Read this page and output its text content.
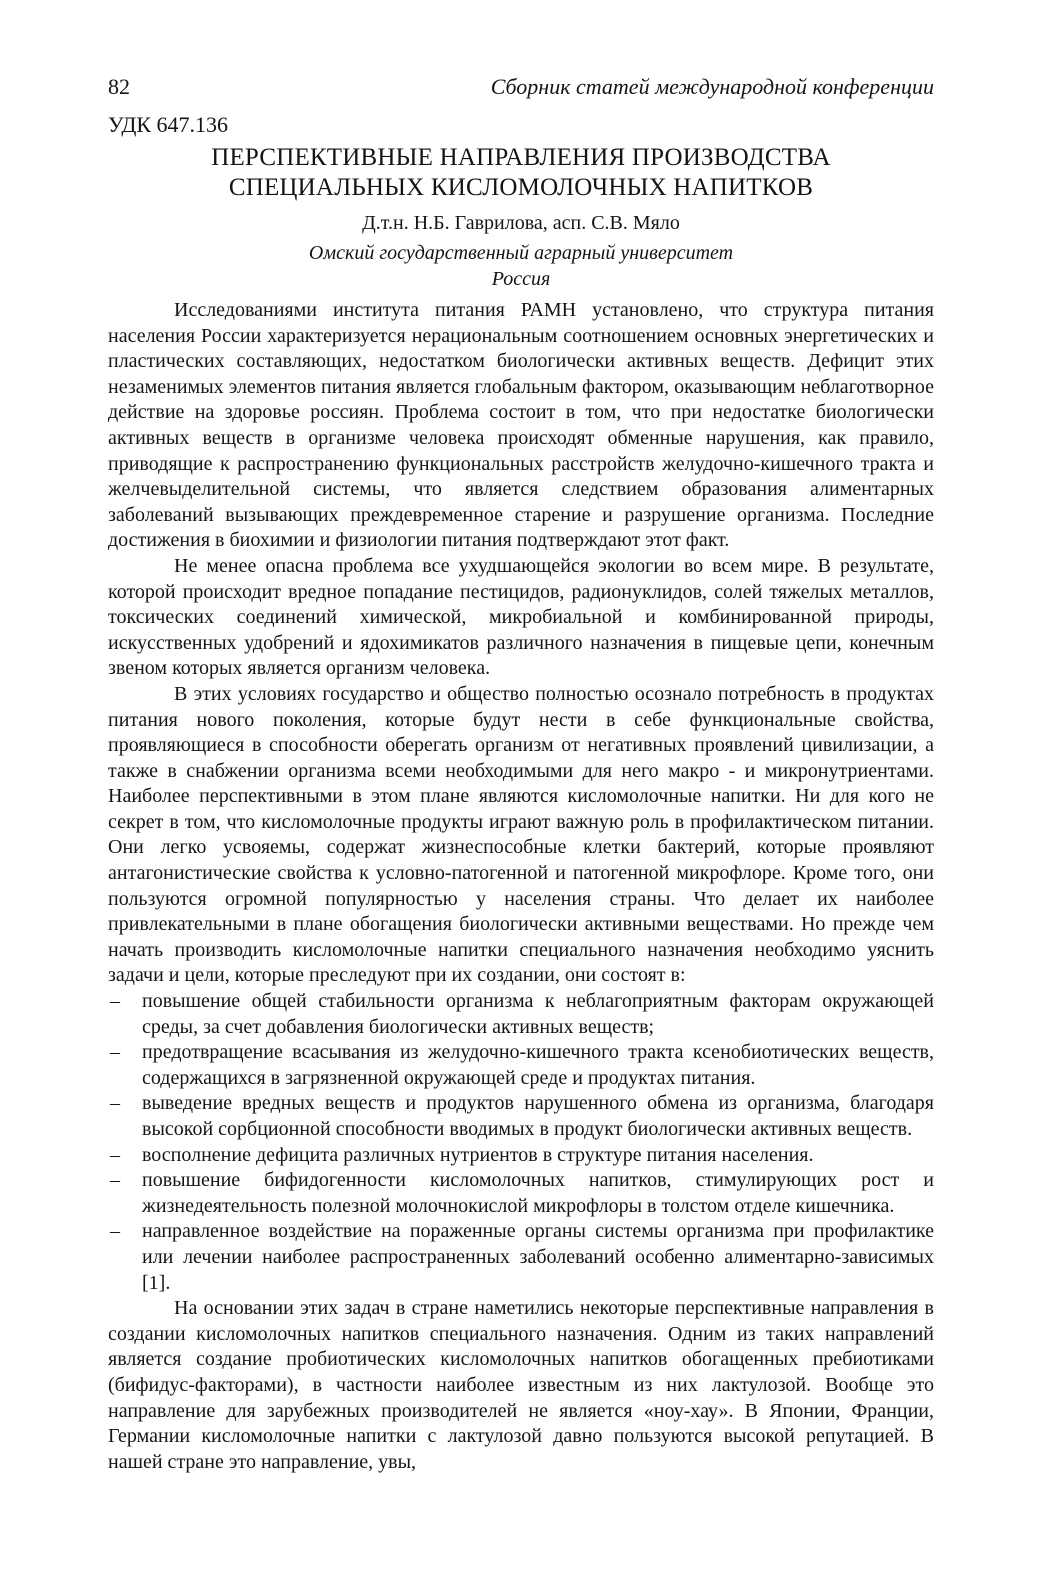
82	Сборник статей международной конференции
УДК 647.136
ПЕРСПЕКТИВНЫЕ НАПРАВЛЕНИЯ ПРОИЗВОДСТВА
СПЕЦИАЛЬНЫХ КИСЛОМОЛОЧНЫХ НАПИТКОВ
Д.т.н. Н.Б. Гаврилова, асп. С.В. Мяло
Омский государственный аграрный университет
Россия

Исследованиями института питания РАМН установлено, что структура питания населения России характеризуется нерациональным соотношением основных энергетических и пластических составляющих, недостатком биологически активных веществ. Дефицит этих незаменимых элементов питания является глобальным фактором, оказывающим неблаготворное действие на здоровье россиян. Проблема состоит в том, что при недостатке биологически активных веществ в организме человека происходят обменные нарушения, как правило, приводящие к распространению функциональных расстройств желудочно-кишечного тракта и желчевыделительной системы, что является следствием образования алиментарных заболеваний вызывающих преждевременное старение и разрушение организма. Последние достижения в биохимии и физиологии питания подтверждают этот факт.

Не менее опасна проблема все ухудшающейся экологии во всем мире. В результате, которой происходит вредное попадание пестицидов, радионуклидов, солей тяжелых металлов, токсических соединений химической, микробиальной и комбинированной природы, искусственных удобрений и ядохимикатов различного назначения в пищевые цепи, конечным звеном которых является организм человека.

В этих условиях государство и общество полностью осознало потребность в продуктах питания нового поколения, которые будут нести в себе функциональные свойства, проявляющиеся в способности оберегать организм от негативных проявлений цивилизации, а также в снабжении организма всеми необходимыми для него макро - и микронутриентами. Наиболее перспективными в этом плане являются кисломолочные напитки. Ни для кого не секрет в том, что кисломолочные продукты играют важную роль в профилактическом питании. Они легко усвояемы, содержат жизнеспособные клетки бактерий, которые проявляют антагонистические свойства к условно-патогенной и патогенной микрофлоре. Кроме того, они пользуются огромной популярностью у населения страны. Что делает их наиболее привлекательными в плане обогащения биологически активными веществами. Но прежде чем начать производить кисломолочные напитки специального назначения необходимо уяснить задачи и цели, которые преследуют при их создании, они состоят в:

– повышение общей стабильности организма к неблагоприятным факторам окружающей среды, за счет добавления биологически активных веществ;
– предотвращение всасывания из желудочно-кишечного тракта ксенобиотических веществ, содержащихся в загрязненной окружающей среде и продуктах питания.
– выведение вредных веществ и продуктов нарушенного обмена из организма, благодаря высокой сорбционной способности вводимых в продукт биологически активных веществ.
– восполнение дефицита различных нутриентов в структуре питания населения.
– повышение бифидогенности кисломолочных напитков, стимулирующих рост и жизнедеятельность полезной молочнокислой микрофлоры в толстом отделе кишечника.
– направленное воздействие на пораженные органы системы организма при профилактике или лечении наиболее распространенных заболеваний особенно алиментарно-зависимых [1].

На основании этих задач в стране наметились некоторые перспективные направления в создании кисломолочных напитков специального назначения. Одним из таких направлений является создание пробиотических кисломолочных напитков обогащенных пребиотиками (бифидус-факторами), в частности наиболее известным из них лактулозой. Вообще это направление для зарубежных производителей не является «ноу-хау». В Японии, Франции, Германии кисломолочные напитки с лактулозой давно пользуются высокой репутацией. В нашей стране это направление, увы,
